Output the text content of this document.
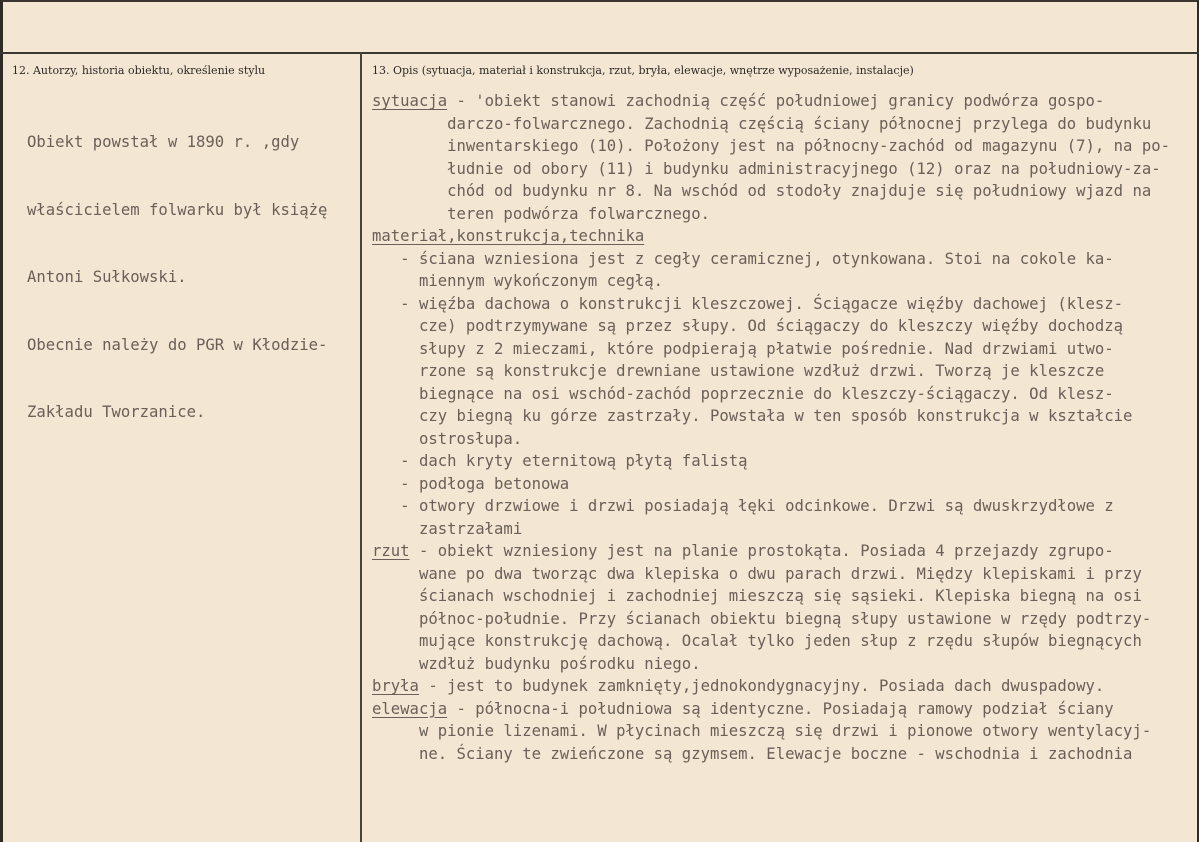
12. Autorzy, historia obiektu, określenie stylu	13. Opis (sytuacja, materiał i konstrukcja, rzut, bryła, elewacje, wnętrze wyposażenie, instalacje)

Obiekt powstał w 1890 r. ,gdy

właścicielem folwarku był książę

Antoni Sułkowski.

Obecnie należy do PGR w Kłodzie-

Zakładu Tworzanice.

sytuacja - 'obiekt stanowi zachodnią część południowej granicy podwórza gospo-
darczo-folwarcznego. Zachodnią częścią ściany północnej przylega do budynku
inwentarskiego (10). Położony jest na północny-zachód od magazynu (7), na po-
łudnie od obory (11) i budynku administracyjnego (12) oraz na południowy-za-
chód od budynku nr 8. Na wschód od stodoły znajduje się południowy wjazd na
teren podwórza folwarcznego.
materiał,konstrukcja,technika
- ściana wzniesiona jest z cegły ceramicznej, otynkowana. Stoi na cokole ka-
miennym wykończonym cegłą.
- więźba dachowa o konstrukcji kleszczowej. Ściągacze więźby dachowej (klesz-
cze) podtrzymywane są przez słupy. Od ściągaczy do kleszczy więźby dochodzą
słupy z 2 mieczami, które podpierają płatwie pośrednie. Nad drzwiami utwo-
rzone są konstrukcje drewniane ustawione wzdłuż drzwi. Tworzą je kleszcze
biegnące na osi wschód-zachód poprzecznie do kleszczy-ściągaczy. Od klesz-
czy biegną ku górze zastrzały. Powstała w ten sposób konstrukcja w kształcie
ostrosłupa.
- dach kryty eternitową płytą falistą
- podłoga betonowa
- otwory drzwiowe i drzwi posiadają łęki odcinkowe. Drzwi są dwuskrzydłowe z
zastrzałami
rzut - obiekt wzniesiony jest na planie prostokąta. Posiada 4 przejazdy zgrupo-
wane po dwa tworząc dwa klepiska o dwu parach drzwi. Między klepiskami i przy
ścianach wschodniej i zachodniej mieszczą się sąsieki. Klepiska biegną na osi
północ-południe. Przy ścianach obiektu biegną słupy ustawione w rzędy podtrzy-
mujące konstrukcję dachową. Ocalał tylko jeden słup z rzędu słupów biegnących
wzdłuż budynku pośrodku niego.
bryła - jest to budynek zamknięty,jednokondygnacyjny. Posiada dach dwuspadowy.
elewacja - północna-i południowa są identyczne. Posiadają ramowy podział ściany
w pionie lizenami. W płycinach mieszczą się drzwi i pionowe otwory wentylacyj-
ne. Ściany te zwieńczone są gzymsem. Elewacje boczne - wschodnia i zachodnia
